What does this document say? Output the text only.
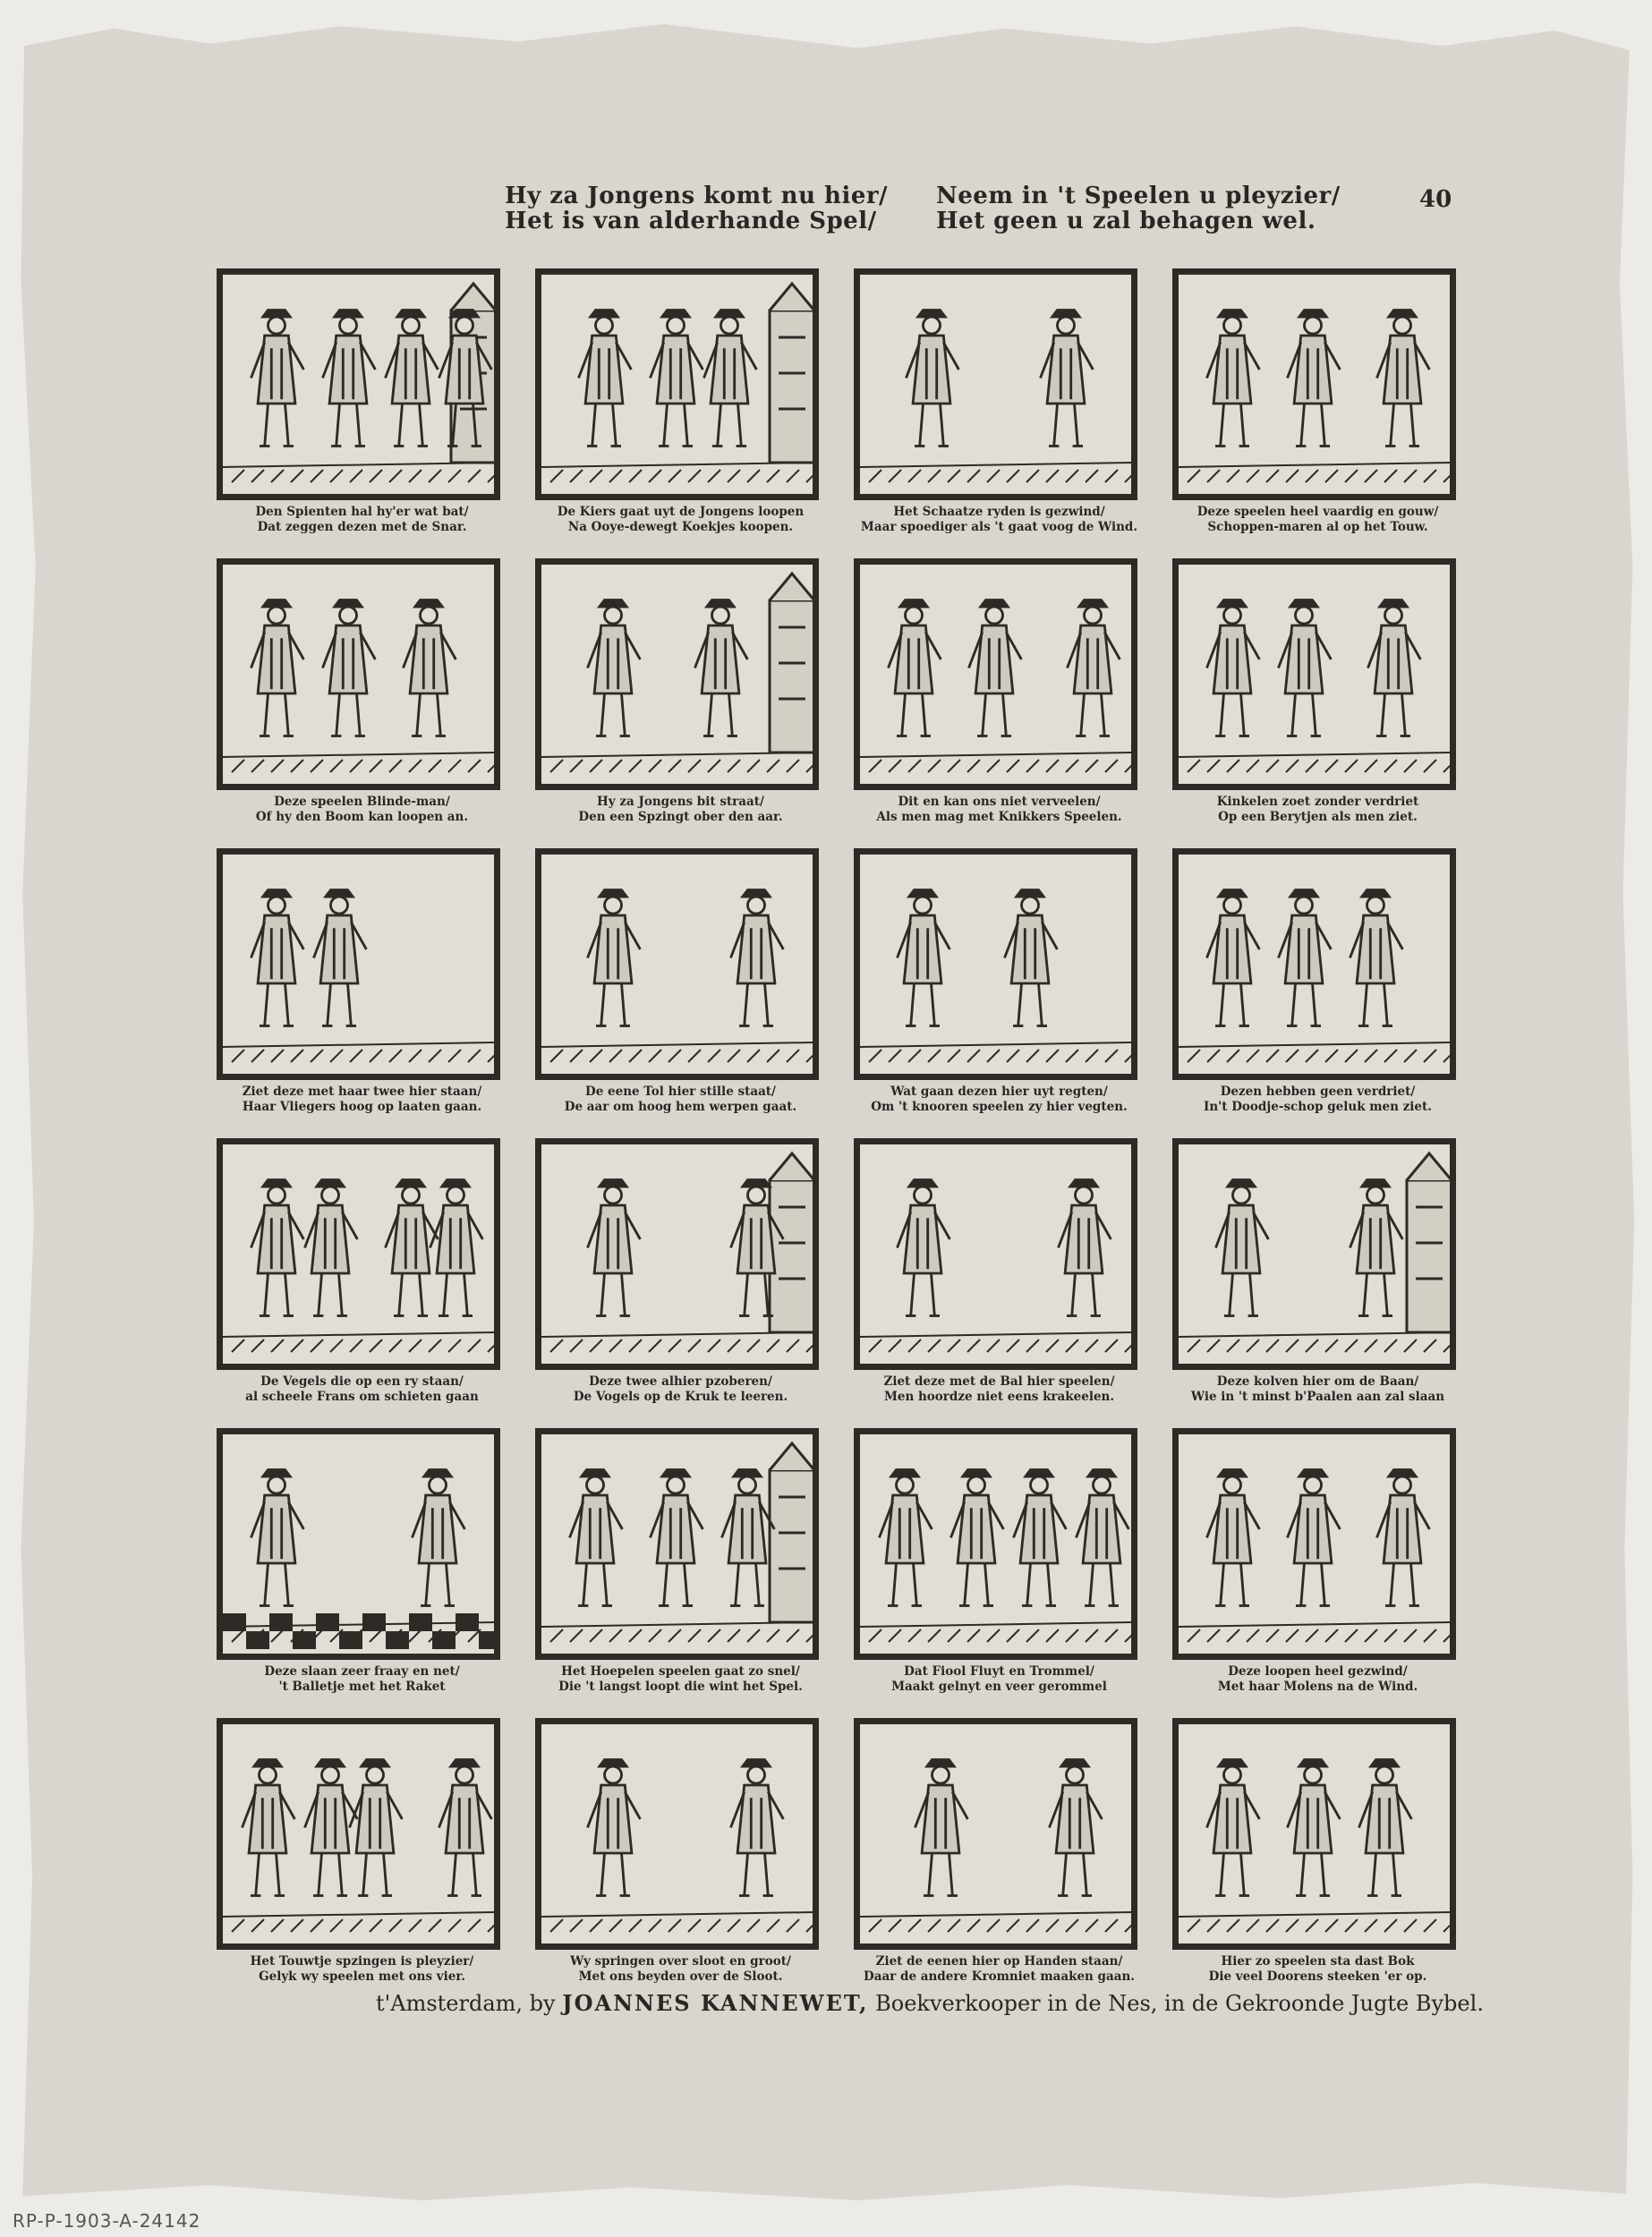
Hy za Jongens komt nu hier/
Het is van alderhande Spel/
Neem in 't Speelen u pleyzier/
Het geen u zal behagen wel.
40
Den Spienten hal hy'er wat bat/
Dat zeggen dezen met de Snar.
De Kiers gaat uyt de Jongens loopen
Na Ooye-dewegt Koekjes koopen.
Het Schaatze ryden is gezwind/
Maar spoediger als 't gaat voog de Wind.
Deze speelen heel vaardig en gouw/
Schoppen-maren al op het Touw.
Deze speelen Blinde-man/
Of hy den Boom kan loopen an.
Hy za Jongens bit straat/
Den een Spzingt ober den aar.
Dit en kan ons niet verveelen/
Als men mag met Knikkers Speelen.
Kinkelen zoet zonder verdriet
Op een Berytjen als men ziet.
Ziet deze met haar twee hier staan/
Haar Vliegers hoog op laaten gaan.
De eene Tol hier stille staat/
De aar om hoog hem werpen gaat.
Wat gaan dezen hier uyt regten/
Om 't knooren speelen zy hier vegten.
Dezen hebben geen verdriet/
In't Doodje-schop geluk men ziet.
De Vegels die op een ry staan/
al scheele Frans om schieten gaan
Deze twee alhier pzoberen/
De Vogels op de Kruk te leeren.
Ziet deze met de Bal hier speelen/
Men hoordze niet eens krakeelen.
Deze kolven hier om de Baan/
Wie in 't minst b'Paalen aan zal slaan
Deze slaan zeer fraay en net/
't Balletje met het Raket
Het Hoepelen speelen gaat zo snel/
Die 't langst loopt die wint het Spel.
Dat Fiool Fluyt en Trommel/
Maakt gelnyt en veer gerommel
Deze loopen heel gezwind/
Met haar Molens na de Wind.
Het Touwtje spzingen is pleyzier/
Gelyk wy speelen met ons vier.
Wy springen over sloot en groot/
Met ons beyden over de Sloot.
Ziet de eenen hier op Handen staan/
Daar de andere Kromniet maaken gaan.
Hier zo speelen sta dast Bok
Die veel Doorens steeken 'er op.
t'Amsterdam, by JOANNES KANNEWET, Boekverkooper in de Nes, in de Gekroonde Jugte Bybel.
RP-P-1903-A-24142
